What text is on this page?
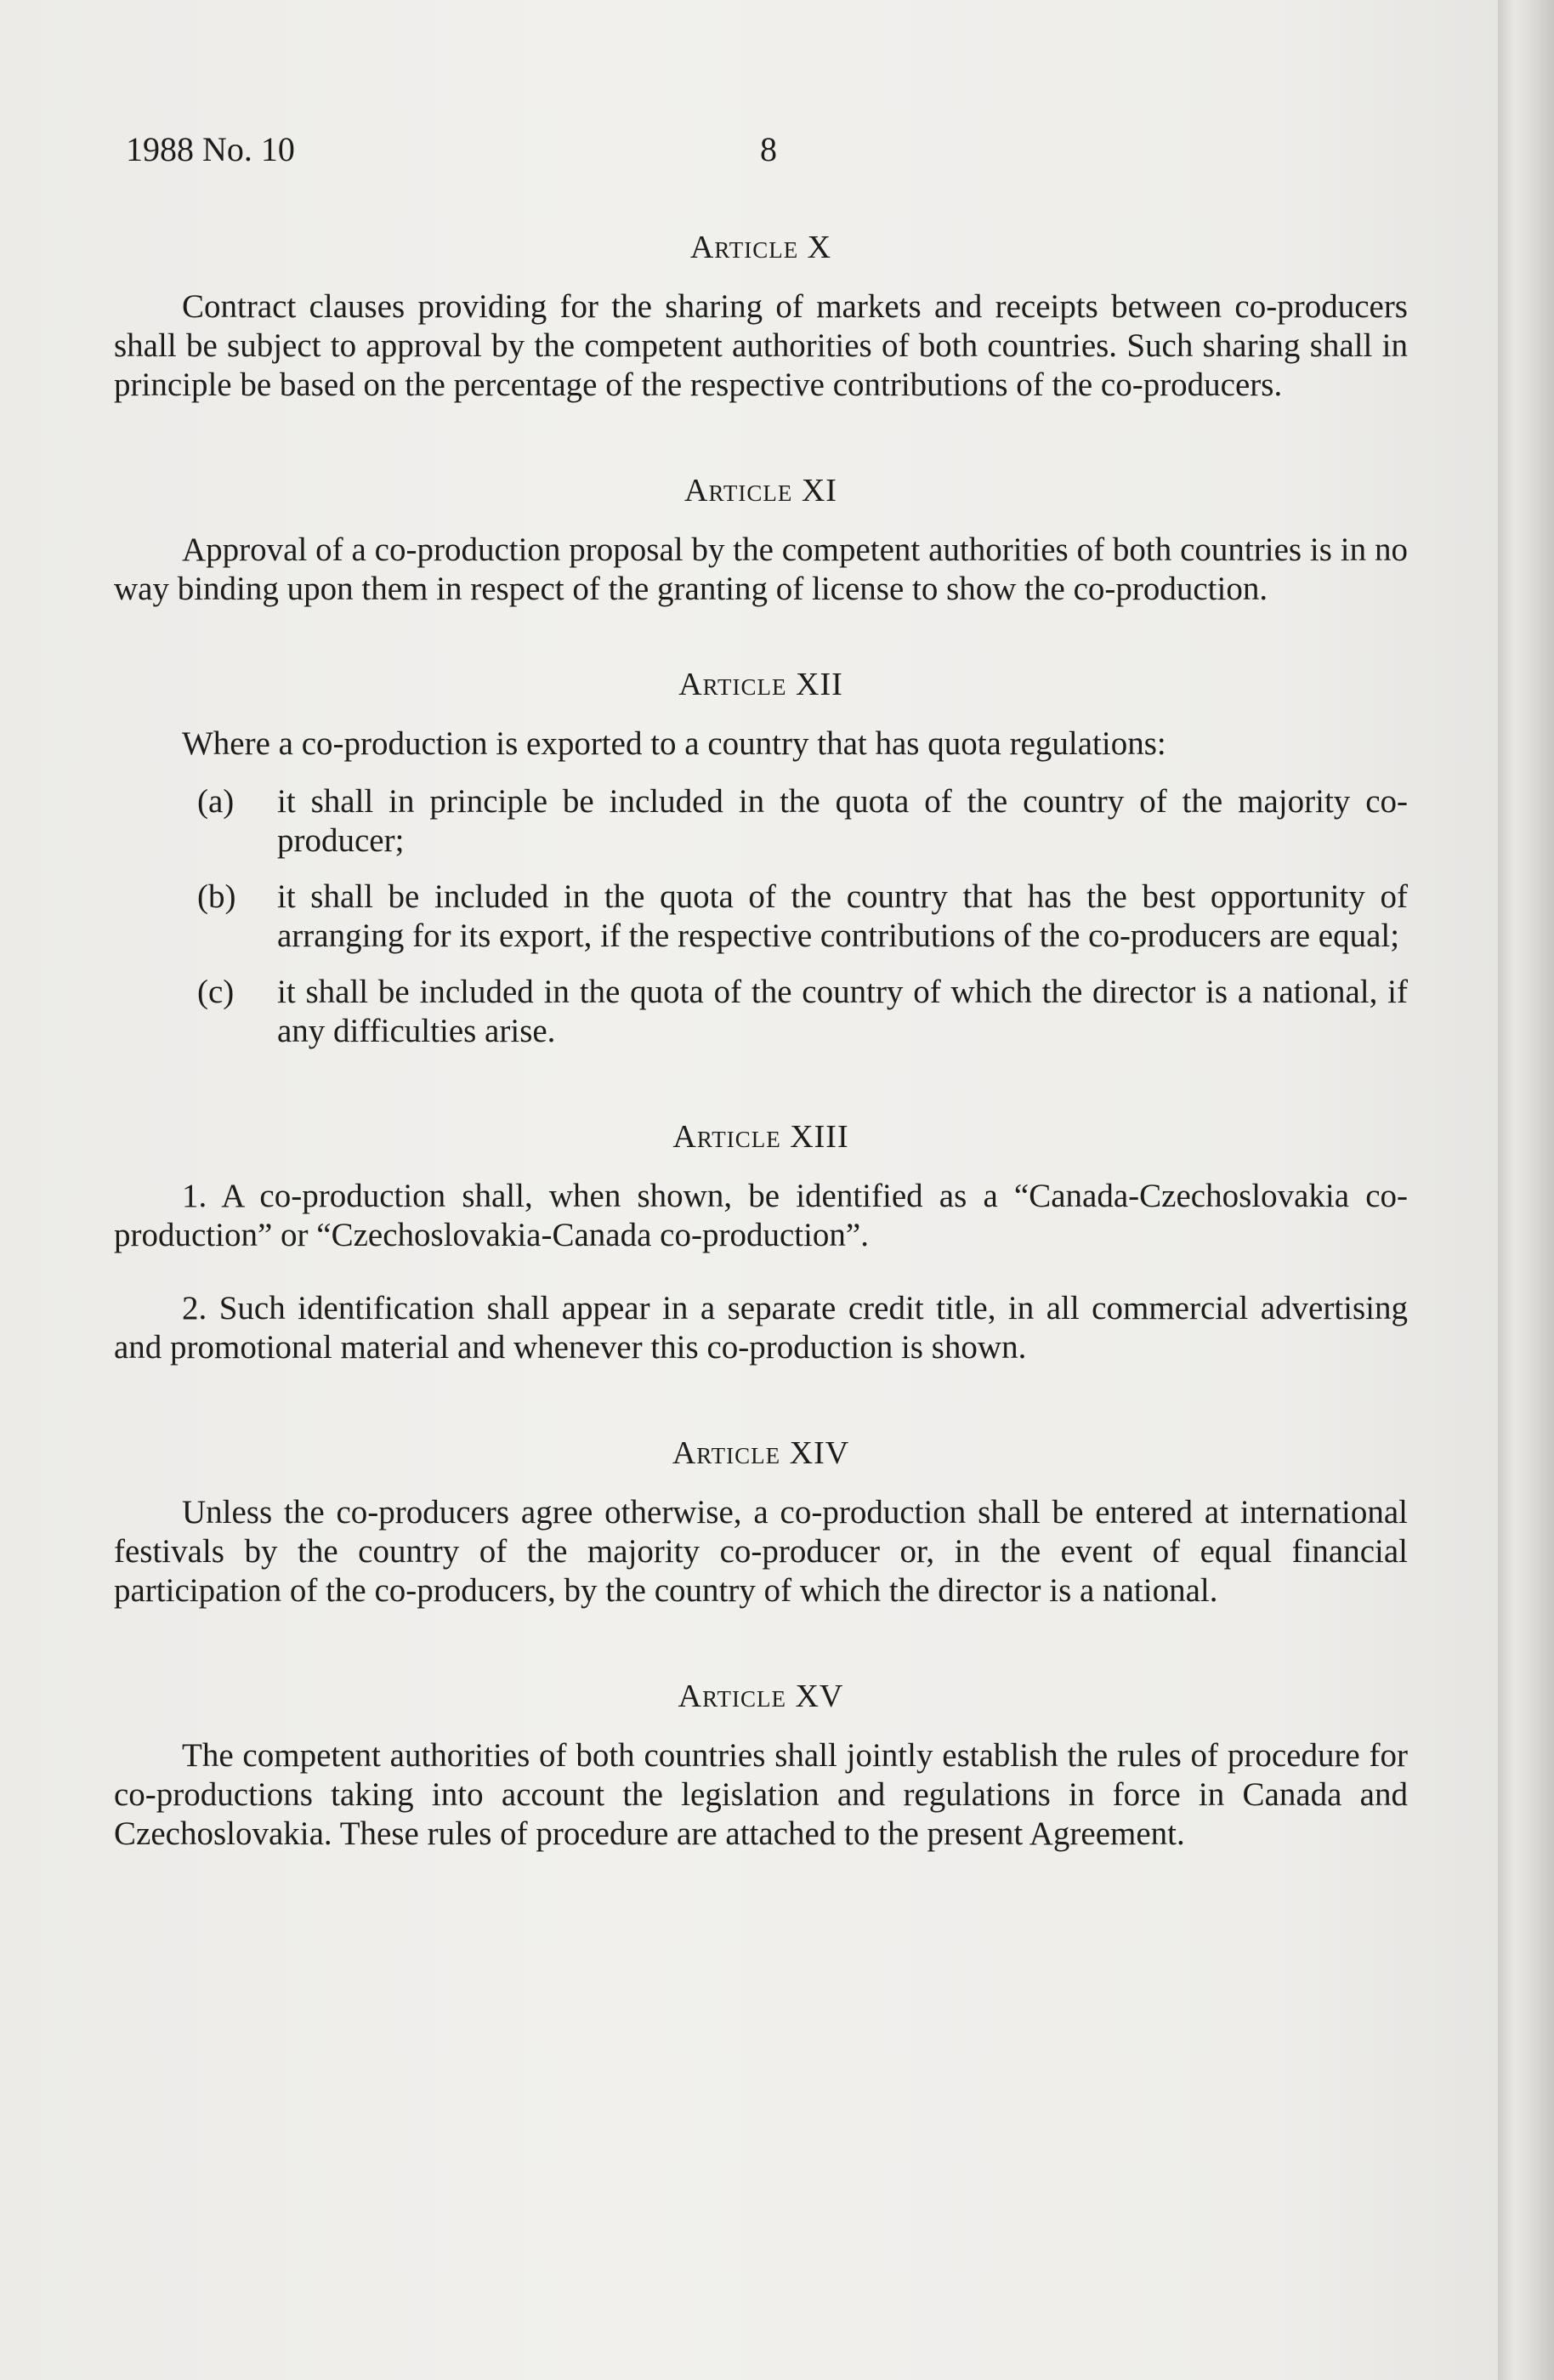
1988 No. 10	8
Article X

Contract clauses providing for the sharing of markets and receipts between co-producers shall be subject to approval by the competent authorities of both countries. Such sharing shall in principle be based on the percentage of the respective contributions of the co-producers.

Article XI

Approval of a co-production proposal by the competent authorities of both countries is in no way binding upon them in respect of the granting of license to show the co-production.

Article XII

Where a co-production is exported to a country that has quota regulations:

(a)	it shall in principle be included in the quota of the country of the majority co-producer;
(b)	it shall be included in the quota of the country that has the best opportunity of arranging for its export, if the respective contributions of the co-producers are equal;
(c)	it shall be included in the quota of the country of which the director is a national, if any difficulties arise.
Article XIII

1. A co-production shall, when shown, be identified as a “Canada-Czechoslovakia co-production” or “Czechoslovakia-Canada co-production”.

2. Such identification shall appear in a separate credit title, in all commercial advertising and promotional material and whenever this co-production is shown.

Article XIV

Unless the co-producers agree otherwise, a co-production shall be entered at international festivals by the country of the majority co-producer or, in the event of equal financial participation of the co-producers, by the country of which the director is a national.

Article XV

The competent authorities of both countries shall jointly establish the rules of procedure for co-productions taking into account the legislation and regulations in force in Canada and Czechoslovakia. These rules of procedure are attached to the present Agreement.
